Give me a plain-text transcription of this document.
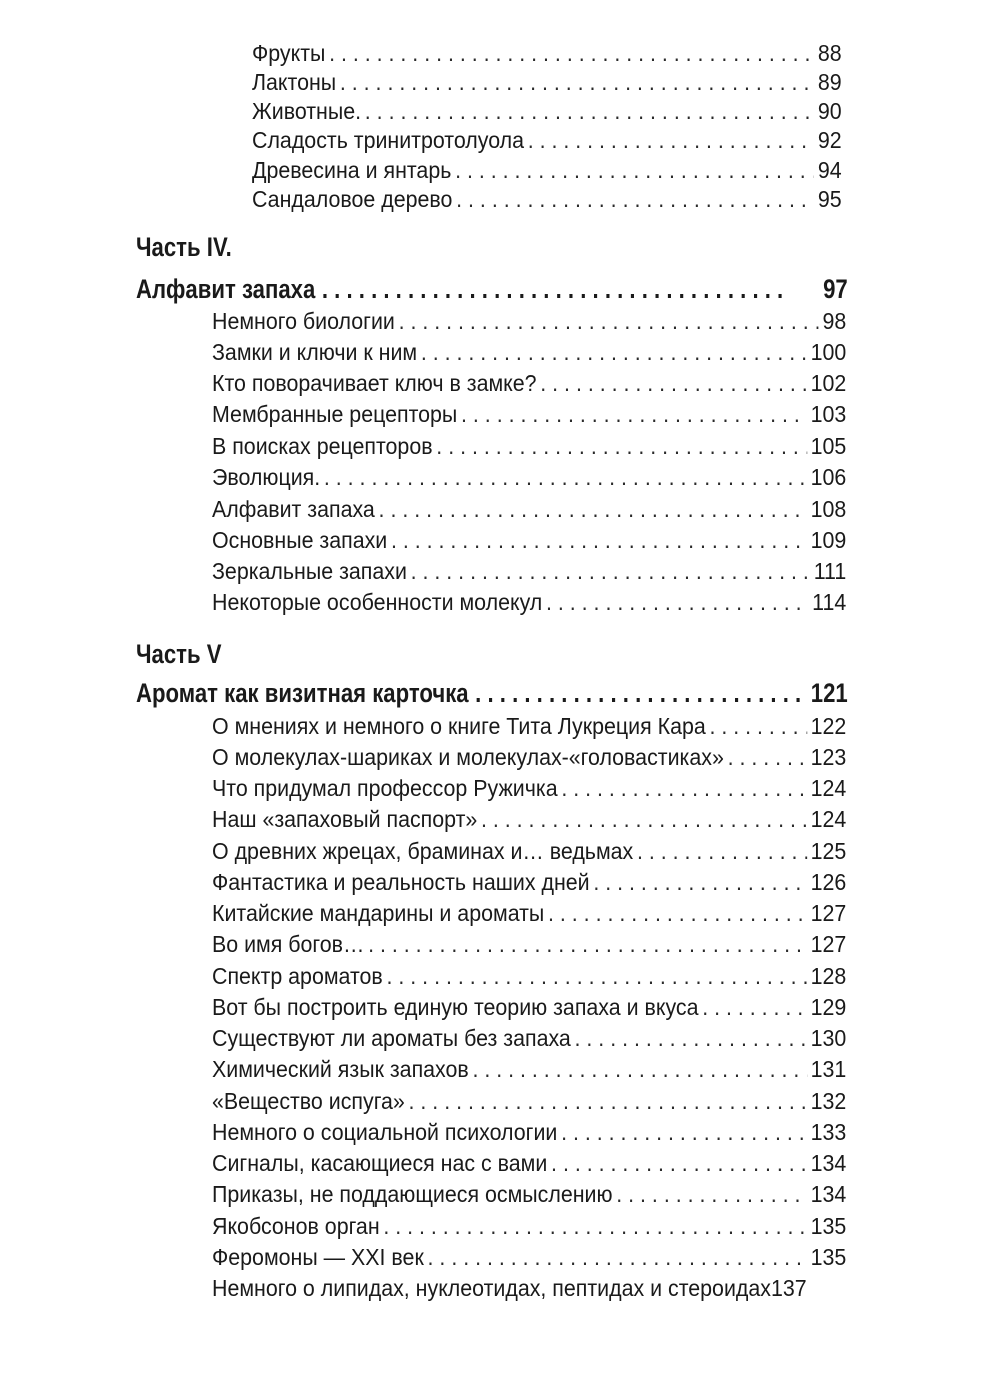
Фрукты . .	88
Лактоны . .	89
Животные. . .	90
Сладость тринитротолуола . .	92
Древесина и янтарь . .	94
Сандаловое дерево . .	95
Часть IV.
Алфавит запаха . .	97
Немного биологии . .	98
Замки и ключи к ним . .	100
Кто поворачивает ключ в замке? . .	102
Мембранные рецепторы . .	103
В поисках рецепторов . .	105
Эволюция. . .	106
Алфавит запаха . .	108
Основные запахи . .	109
Зеркальные запахи . .	111
Некоторые особенности молекул . .	114
Часть V
Аромат как визитная карточка . .	121
О мнениях и немного о книге Тита Лукреция Кара . .	122
О молекулах-шариках и молекулах-«головастиках» . .	123
Что придумал профессор Ружичка . .	124
Наш «запаховый паспорт» . .	124
О древних жрецах, браминах и… ведьмах . .	125
Фантастика и реальность наших дней . .	126
Китайские мандарины и ароматы . .	127
Во имя богов… . .	127
Спектр ароматов . .	128
Вот бы построить единую теорию запаха и вкуса . .	129
Существуют ли ароматы без запаха . .	130
Химический язык запахов . .	131
«Вещество испуга» . .	132
Немного о социальной психологии . .	133
Сигналы, касающиеся нас с вами . .	134
Приказы, не поддающиеся осмыслению . .	134
Якобсонов орган . .	135
Феромоны — XXI век . .	135
Немного о липидах, нуклеотидах, пептидах и стероидах 137
